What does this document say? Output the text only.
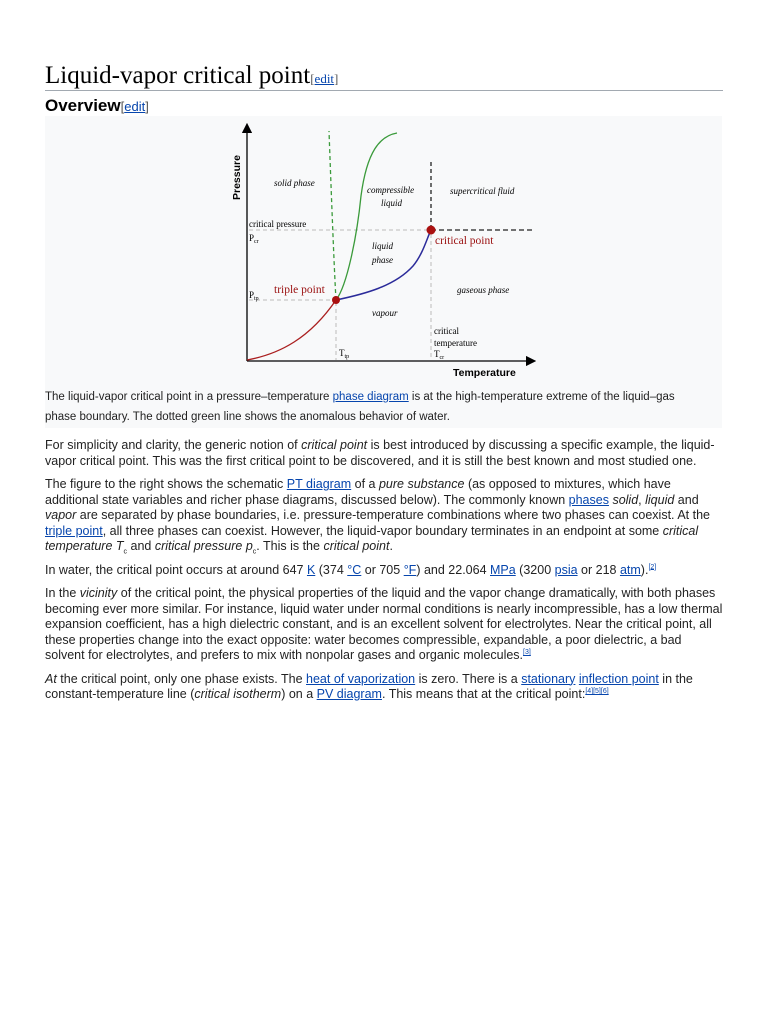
Liquid-vapor critical point[edit]
Overview[edit]
Pressure
Temperature
solid phase
compressible
liquid
supercritical fluid
critical pressure
$P_{cr}$	liquid
phase
critical point
triple point
$P_{tp}$
gaseous phase
vapour
critical
temperature
$T_{cr}$
$T_{tp}$
The liquid-vapor critical point in a pressure–temperature phase diagram is at the high-temperature extreme of the liquid–gas phase boundary. The dotted green line shows the anomalous behavior of water.

For simplicity and clarity, the generic notion of critical point is best introduced by discussing a specific example, the liquid-vapor critical point. This was the first critical point to be discovered, and it is still the best known and most studied one.

The figure to the right shows the schematic PT diagram of a pure substance (as opposed to mixtures, which have additional state variables and richer phase diagrams, discussed below). The commonly known phases solid, liquid and vapor are separated by phase boundaries, i.e. pressure-temperature combinations where two phases can coexist. At the triple point, all three phases can coexist. However, the liquid-vapor boundary terminates in an endpoint at some critical temperature $T_c$ and critical pressure $p_c$. This is the critical point.

In water, the critical point occurs at around 647 K (374 °C or 705 °F) and 22.064 MPa (3200 psia or 218 atm).[2]

In the vicinity of the critical point, the physical properties of the liquid and the vapor change dramatically, with both phases becoming ever more similar. For instance, liquid water under normal conditions is nearly incompressible, has a low thermal expansion coefficient, has a high dielectric constant, and is an excellent solvent for electrolytes. Near the critical point, all these properties change into the exact opposite: water becomes compressible, expandable, a poor dielectric, a bad solvent for electrolytes, and prefers to mix with nonpolar gases and organic molecules.[3]

At the critical point, only one phase exists. The heat of vaporization is zero. There is a stationary inflection point in the constant-temperature line (critical isotherm) on a PV diagram. This means that at the critical point:[4][5][6]
